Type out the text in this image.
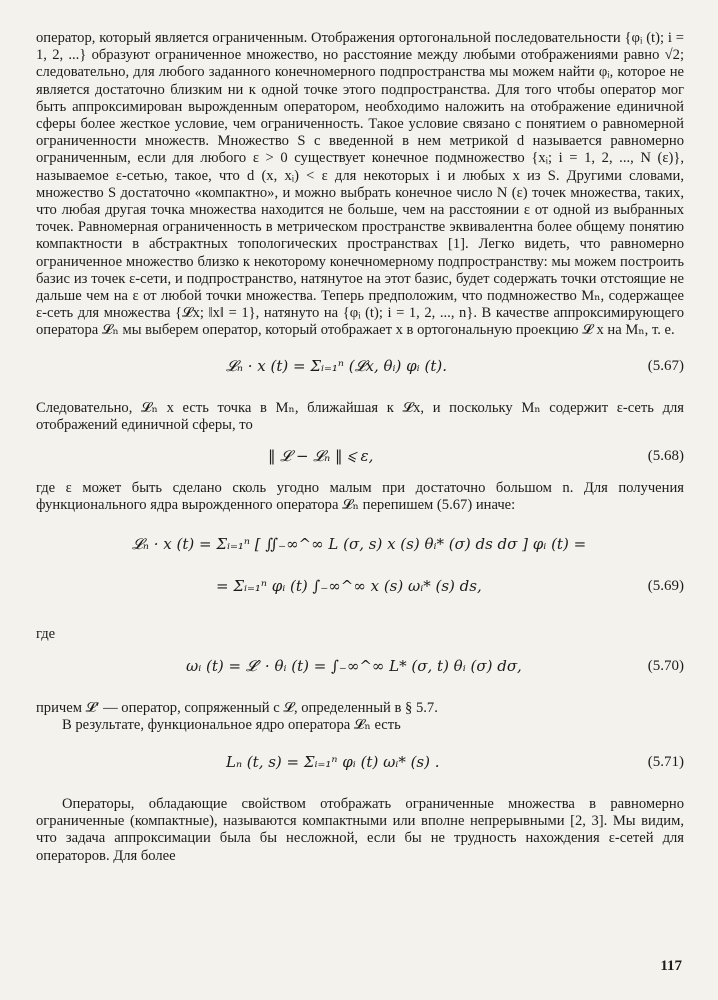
оператор, который является ограниченным. Отображения ортогональной последовательности {φᵢ (t); i = 1, 2, ...} образуют ограниченное множество, но расстояние между любыми отображениями равно √2; следовательно, для любого заданного конечномерного подпространства мы можем найти φᵢ, которое не является достаточно близким ни к одной точке этого подпространства. Для того чтобы оператор мог быть аппроксимирован вырожденным оператором, необходимо наложить на отображение единичной сферы более жесткое условие, чем ограниченность. Такое условие связано с понятием о равномерной ограниченности множеств. Множество S с введенной в нем метрикой d называется равномерно ограниченным, если для любого ε > 0 существует конечное подмножество {xᵢ; i = 1, 2, ..., N (ε)}, называемое ε-сетью, такое, что d (x, xᵢ) < ε для некоторых i и любых x из S. Другими словами, множество S достаточно «компактно», и можно выбрать конечное число N (ε) точек множества, таких, что любая другая точка множества находится не больше, чем на расстоянии ε от одной из выбранных точек. Равномерная ограниченность в метрическом пространстве эквивалентна более общему понятию компактности в абстрактных топологических пространствах [1]. Легко видеть, что равномерно ограниченное множество близко к некоторому конечномерному подпространству: мы можем построить базис из точек ε-сети, и подпространство, натянутое на этот базис, будет содержать точки отстоящие не дальше чем на ε от любой точки множества. Теперь предположим, что подмножество Mₙ, содержащее ε-сеть для множества {𝓛x; ‖x‖ = 1}, натянуто на {φᵢ (t); i = 1, 2, ..., n}. В качестве аппроксимирующего оператора 𝓛ₙ мы выберем оператор, который отображает x в ортогональную проекцию 𝓛 x на Mₙ, т. е.

𝓛ₙ · x (t) = Σᵢ₌₁ⁿ (𝓛x, θᵢ) φᵢ (t).	(5.67)

Следовательно, 𝓛ₙ x есть точка в Mₙ, ближайшая к 𝓛x, и поскольку Mₙ содержит ε-сеть для отображений единичной сферы, то

‖ 𝓛 − 𝓛ₙ ‖ ⩽ ε,	(5.68)

где ε может быть сделано сколь угодно малым при достаточно большом n. Для получения функционального ядра вырожденного оператора 𝓛ₙ перепишем (5.67) иначе:

𝓛ₙ · x (t) = Σᵢ₌₁ⁿ [ ∬₋∞^∞ L (σ, s) x (s) θᵢ* (σ) ds dσ ] φᵢ (t) =
= Σᵢ₌₁ⁿ φᵢ (t) ∫₋∞^∞ x (s) ωᵢ* (s) ds,	(5.69)

где

ωᵢ (t) = 𝓛′ · θᵢ (t) = ∫₋∞^∞ L* (σ, t) θᵢ (σ) dσ,	(5.70)

причем 𝓛′ — оператор, сопряженный с 𝓛, определенный в § 5.7.

В результате, функциональное ядро оператора 𝓛ₙ есть

Lₙ (t, s) = Σᵢ₌₁ⁿ φᵢ (t) ωᵢ* (s) .	(5.71)

Операторы, обладающие свойством отображать ограниченные множества в равномерно ограниченные (компактные), называются компактными или вполне непрерывными [2, 3]. Мы видим, что задача аппроксимации была бы несложной, если бы не трудность нахождения ε-сетей для операторов. Для более

117
